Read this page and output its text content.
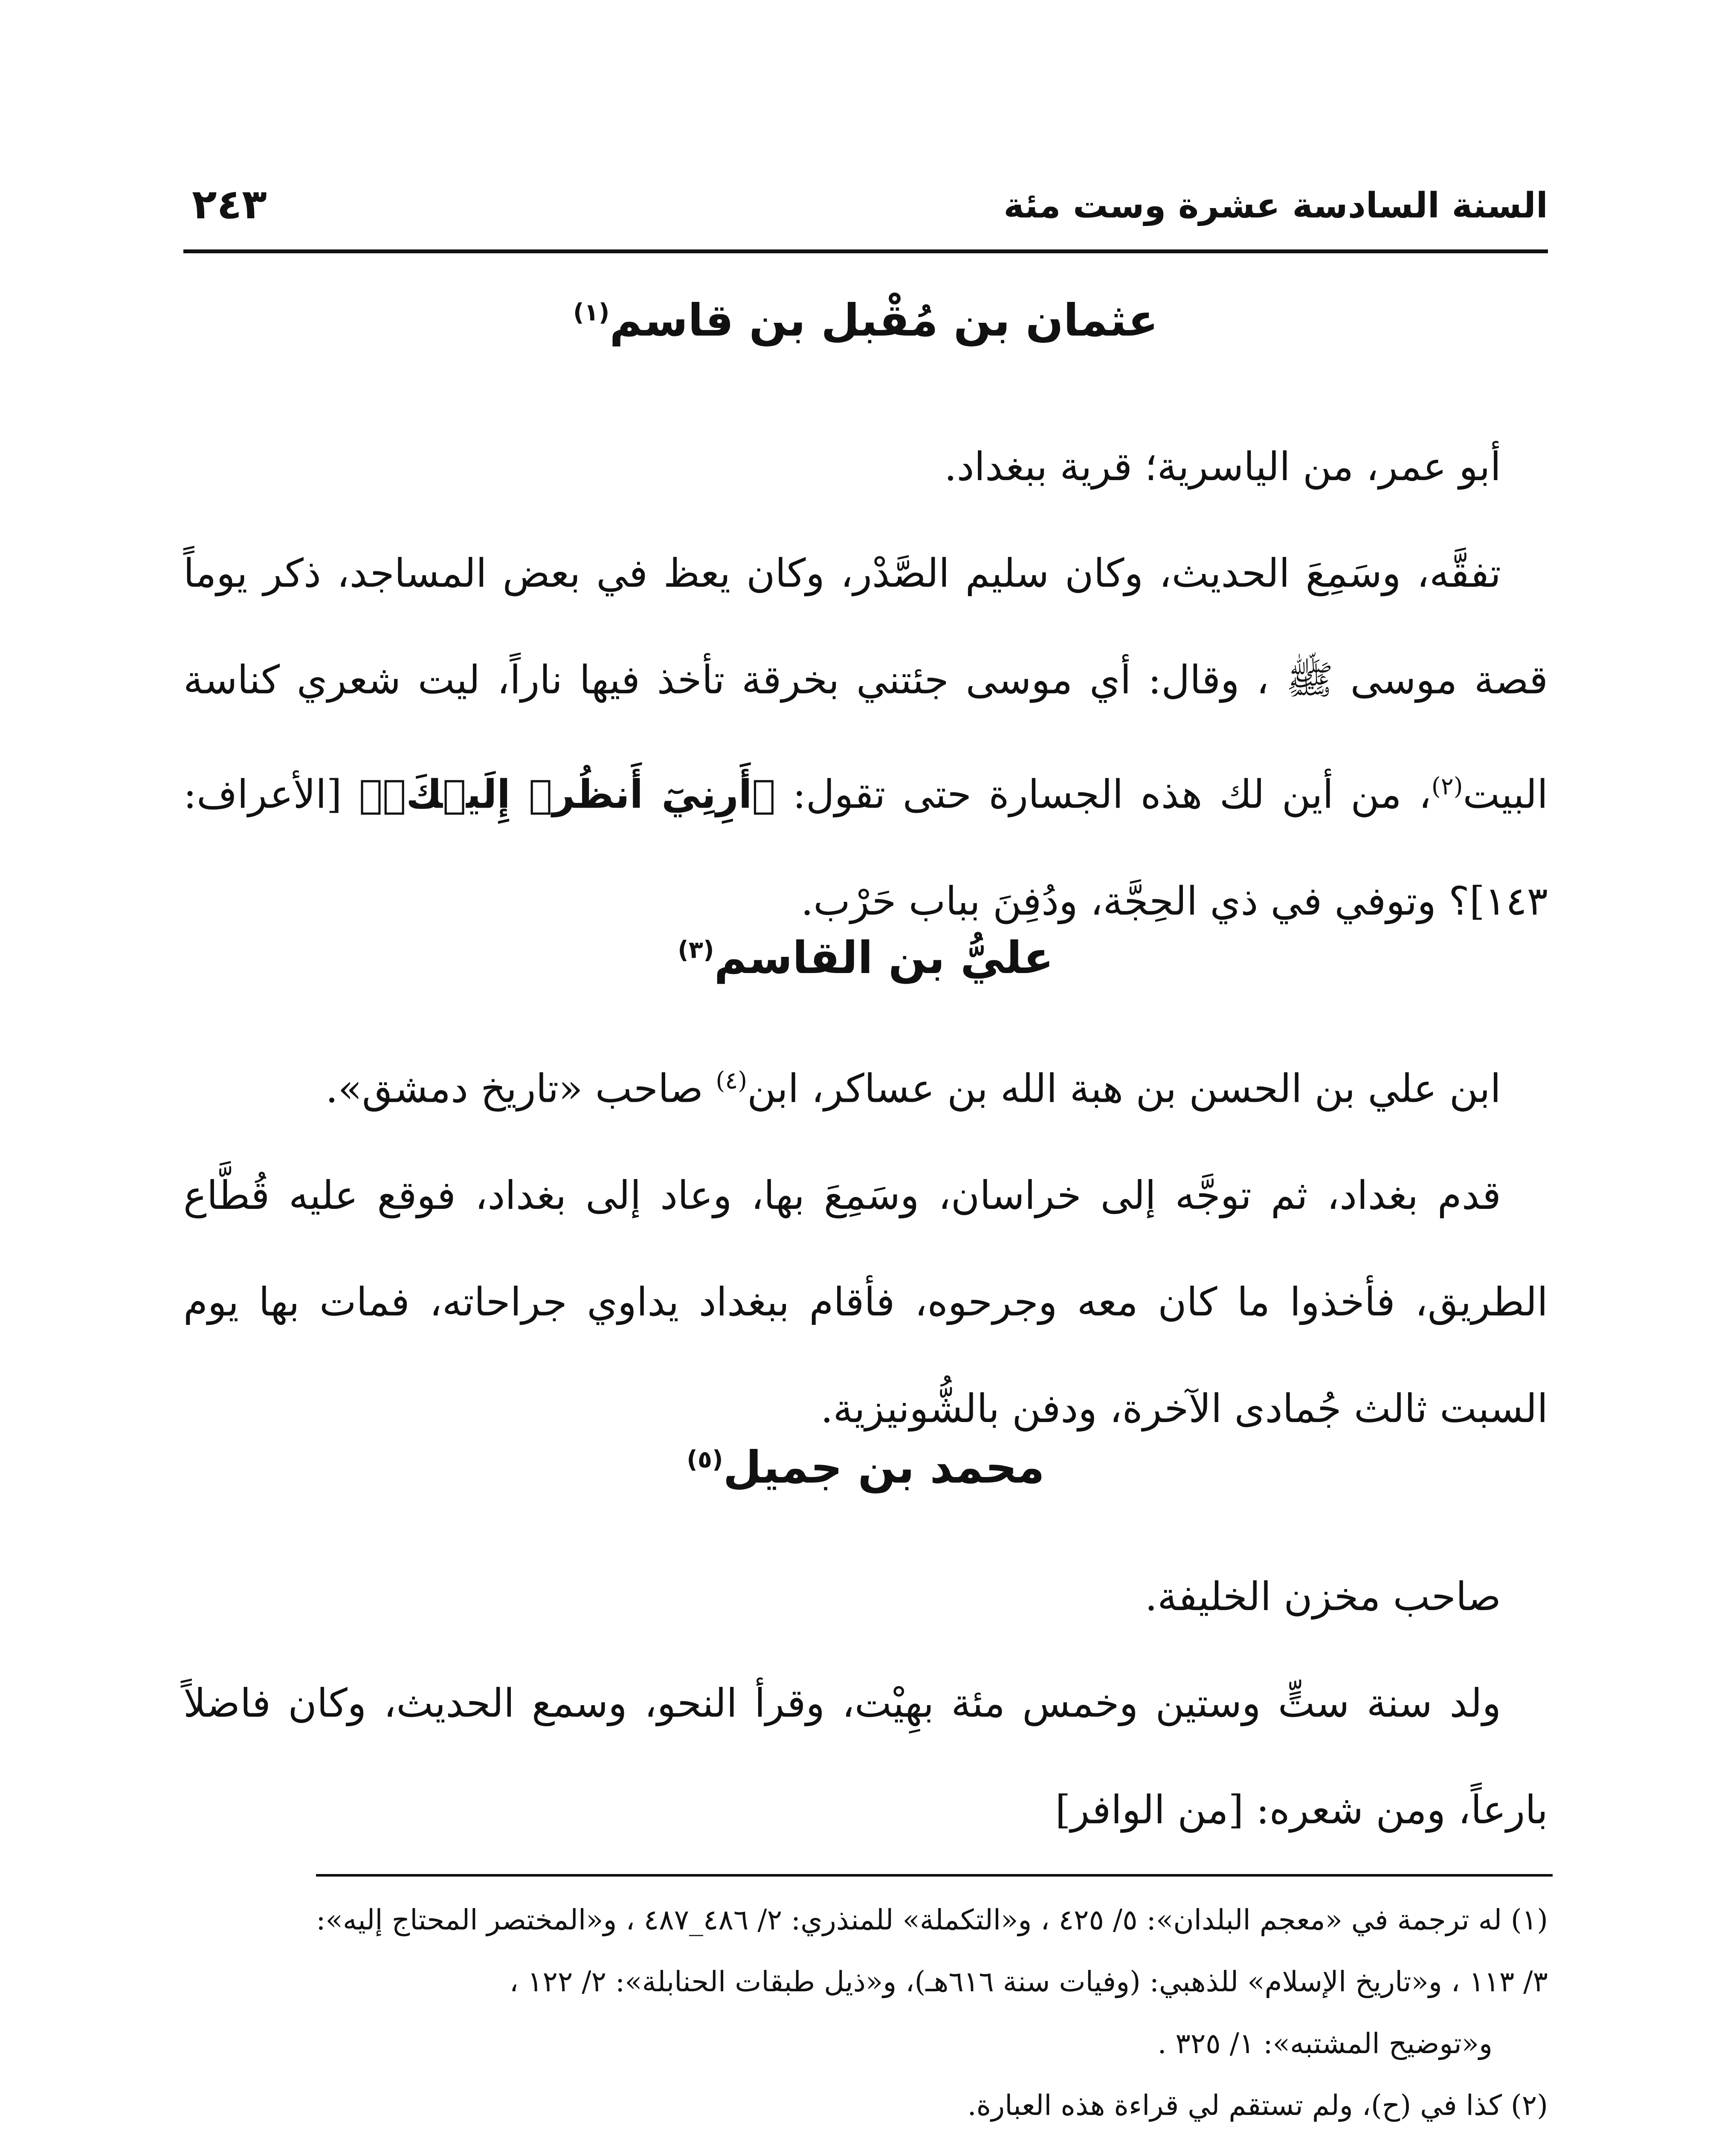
السنة السادسة عشرة وست مئة
٢٤٣
عثمان بن مُقْبل بن قاسم$^{(١)}$

أبو عمر، من الياسرية؛ قرية ببغداد.

تفقَّه، وسَمِعَ الحديث، وكان سليم الصَّدْر، وكان يعظ في بعض المساجد، ذكر يوماً قصة موسى ﷺ ، وقال: أي موسى جئتني بخرقة تأخذ فيها ناراً، ليت شعري كناسة البيت$^{(٢)}$، من أين لك هذه الجسارة حتى تقول: ﴿أَرِنِيٓ أَنظُرۡ إِلَيۡكَۚ﴾ [الأعراف: ١٤٣]؟ وتوفي في ذي الحِجَّة، ودُفِنَ بباب حَرْب.

عليُّ بن القاسم$^{(٣)}$

ابن علي بن الحسن بن هبة الله بن عساكر، ابن$^{(٤)}$ صاحب «تاريخ دمشق».

قدم بغداد، ثم توجَّه إلى خراسان، وسَمِعَ بها، وعاد إلى بغداد، فوقع عليه قُطَّاع الطريق، فأخذوا ما كان معه وجرحوه، فأقام ببغداد يداوي جراحاته، فمات بها يوم السبت ثالث جُمادى الآخرة، ودفن بالشُّونيزية.

محمد بن جميل$^{(٥)}$

صاحب مخزن الخليفة.

ولد سنة ستٍّ وستين وخمس مئة بهِيْت، وقرأ النحو، وسمع الحديث، وكان فاضلاً بارعاً، ومن شعره: [من الوافر]

(١) له ترجمة في «معجم البلدان»: ٥/ ٤٢٥ ، و«التكملة» للمنذري: ٢/ ٤٨٦_٤٨٧ ، و«المختصر المحتاج إليه»:
٣/ ١١٣ ، و«تاريخ الإسلام» للذهبي: (وفيات سنة ٦١٦هـ)، و«ذيل طبقات الحنابلة»: ٢/ ١٢٢ ،
و«توضيح المشتبه»: ١/ ٣٢٥ .

(٢) كذا في (ح)، ولم تستقم لي قراءة هذه العبارة.
